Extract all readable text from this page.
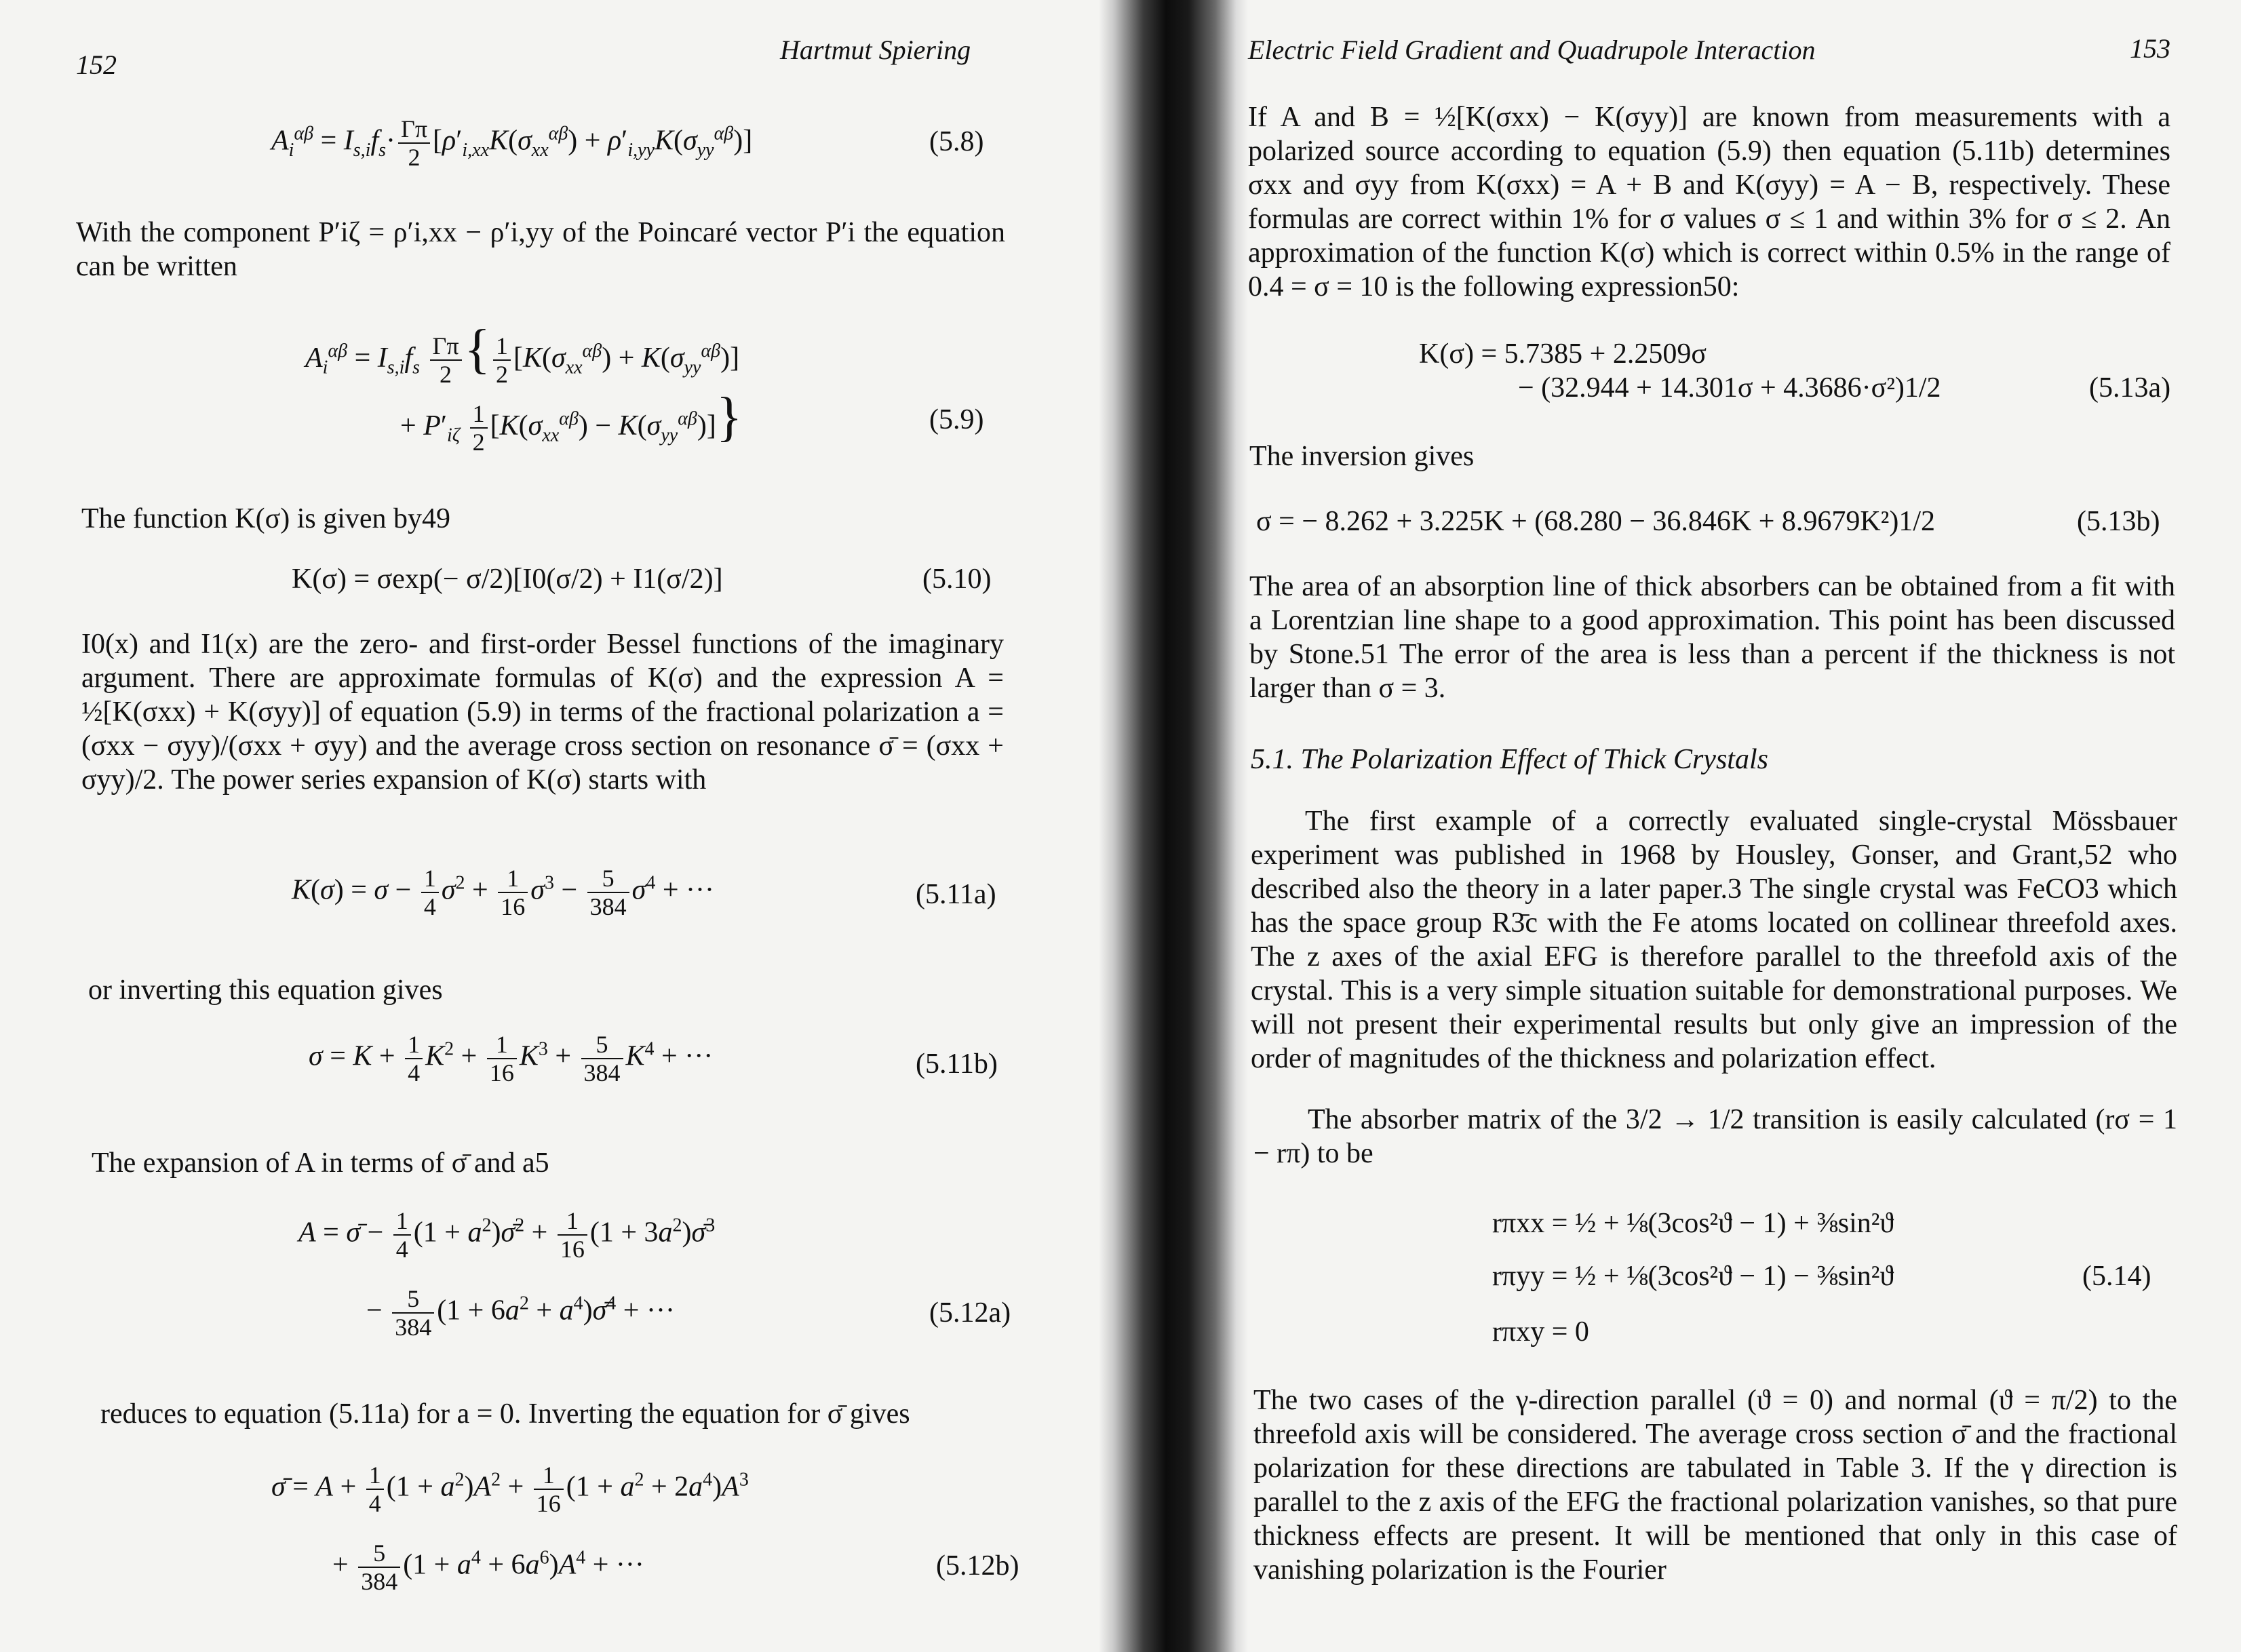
152	Hartmut Spiering
$A_i^{\alpha\beta} = I_{s,i}f_s\cdot \frac{\Gamma\pi}{2} [\rho'_{i,xx}K(\sigma_{xx}^{\alpha\beta}) + \rho'_{i,yy}K(\sigma_{yy}^{\alpha\beta})]$	(5.8)
With the component P′iζ = ρ′i,xx − ρ′i,yy of the Poincaré vector P′i the equation can be written
$A_i^{\alpha\beta} = I_{s,i}f_s \frac{\Gamma\pi}{2}$ { $\frac{1}{2} [K(\sigma_{xx}^{\alpha\beta}) + K(\sigma_{yy}^{\alpha\beta})]$
+ $P'_{i\zeta} \frac{1}{2} [K(\sigma_{xx}^{\alpha\beta}) - K(\sigma_{yy}^{\alpha\beta})]$}	(5.9)
The function K(σ) is given by49
K(σ) = σexp(− σ/2)[I0(σ/2) + I1(σ/2)]	(5.10)
I0(x) and I1(x) are the zero- and first-order Bessel functions of the imaginary argument. There are approximate formulas of K(σ) and the expression A = ½[K(σxx) + K(σyy)] of equation (5.9) in terms of the fractional polarization a = (σxx − σyy)/(σxx + σyy) and the average cross section on resonance σ̄ = (σxx + σyy)/2. The power series expansion of K(σ) starts with
$K(\sigma) = \sigma - \frac{1}{4} \sigma^2 + \frac{1}{16} \sigma^3 - \frac{5}{384} \sigma^4$ + ···	(5.11a)
or inverting this equation gives
$\sigma = K + \frac{1}{4} K^2 + \frac{1}{16} K^3 + \frac{5}{384} K^4$ + ···	(5.11b)
The expansion of A in terms of σ̄ and a5
A = σ̄ − $\frac{1}{4} (1$ + $a^2)\sigmā^2 + \frac{1}{16} (1$ + $3a^2)\sigmā^3$
− $\frac{5}{384} (1 + 6a^2$ + $a^4)\sigmā^4$ + ···	(5.12a)
reduces to equation (5.11a) for a = 0. Inverting the equation for σ̄ gives
σ̄ = $A + \frac{1}{4} (1 + a^2)A^2 + \frac{1}{16} (1 + a^2 + 2a^4)A^3$
+ $\frac{5}{384} (1 + a^4 + 6a^6)A^4$ + ···	(5.12b)
Electric Field Gradient and Quadrupole Interaction	153
If A and B = ½[K(σxx) − K(σyy)] are known from measurements with a polarized source according to equation (5.9) then equation (5.11b) determines σxx and σyy from K(σxx) = A + B and K(σyy) = A − B, respectively. These formulas are correct within 1% for σ values σ ≤ 1 and within 3% for σ ≤ 2. An approximation of the function K(σ) which is correct within 0.5% in the range of 0.4 = σ = 10 is the following expression50:
K(σ) = 5.7385 + 2.2509σ
− (32.944 + 14.301σ + 4.3686·σ²)1/2	(5.13a)
The inversion gives
σ = − 8.262 + 3.225K + (68.280 − 36.846K + 8.9679K²)1/2	(5.13b)
The area of an absorption line of thick absorbers can be obtained from a fit with a Lorentzian line shape to a good approximation. This point has been discussed by Stone.51 The error of the area is less than a percent if the thickness is not larger than σ = 3.
5.1. The Polarization Effect of Thick Crystals
The first example of a correctly evaluated single-crystal Mössbauer experiment was published in 1968 by Housley, Gonser, and Grant,52 who described also the theory in a later paper.3 The single crystal was FeCO3 which has the space group R3̄c with the Fe atoms located on collinear threefold axes. The z axes of the axial EFG is therefore parallel to the threefold axis of the crystal. This is a very simple situation suitable for demonstrational purposes. We will not present their experimental results but only give an impression of the order of magnitudes of the thickness and polarization effect.
The absorber matrix of the 3/2 → 1/2 transition is easily calculated (rσ = 1 − rπ) to be
rπxx = ½ + ⅛(3cos²ϑ − 1) + ⅜sin²ϑ
rπyy = ½ + ⅛(3cos²ϑ − 1) − ⅜sin²ϑ
rπxy = 0
(5.14)
The two cases of the γ-direction parallel (ϑ = 0) and normal (ϑ = π/2) to the threefold axis will be considered. The average cross section σ̄ and the fractional polarization for these directions are tabulated in Table 3. If the γ direction is parallel to the z axis of the EFG the fractional polarization vanishes, so that pure thickness effects are present. It will be mentioned that only in this case of vanishing polarization is the Fourier
